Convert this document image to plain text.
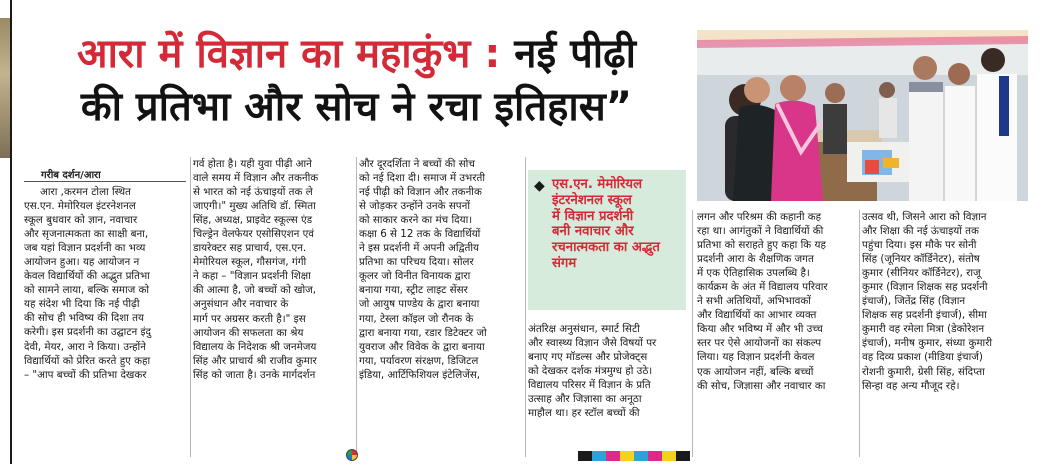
आरा में विज्ञान का महाकुंभ : नई पीढ़ी
की प्रतिभा और सोच ने रचा इतिहास”
गरीब दर्शन/आरा

आरा ,करमन टोला स्थित

एस.एन. मेमोरियल इंटरनेशनल

स्कूल बुधवार को ज्ञान, नवाचार

और सृजनात्मकता का साक्षी बना,

जब यहां विज्ञान प्रदर्शनी का भव्य

आयोजन हुआ। यह आयोजन न

केवल विद्यार्थियों की अद्भुत प्रतिभा

को सामने लाया, बल्कि समाज को

यह संदेश भी दिया कि नई पीढ़ी

की सोच ही भविष्य की दिशा तय

करेगी। इस प्रदर्शनी का उद्घाटन इंदु

देवी, मेयर, आरा ने किया। उन्होंने

विद्यार्थियों को प्रेरित करते हुए कहा

– "आप बच्चों की प्रतिभा देखकर

गर्व होता है। यही युवा पीढ़ी आने

वाले समय में विज्ञान और तकनीक

से भारत को नई ऊंचाइयों तक ले

जाएगी।" मुख्य अतिथि डॉ. स्मिता

सिंह, अध्यक्ष, प्राइवेट स्कूल्स एंड

चिल्ड्रेन वेलफेयर एसोसिएशन एवं

डायरेक्टर सह प्राचार्य, एस.एन.

मेमोरियल स्कूल, गौसगंज, गंगी

ने कहा – "विज्ञान प्रदर्शनी शिक्षा

की आत्मा है, जो बच्चों को खोज,

अनुसंधान और नवाचार के

मार्ग पर अग्रसर करती है।" इस

आयोजन की सफलता का श्रेय

विद्यालय के निदेशक श्री जनमेजय

सिंह और प्राचार्य श्री राजीव कुमार

सिंह को जाता है। उनके मार्गदर्शन

और दूरदर्शिता ने बच्चों की सोच

को नई दिशा दी। समाज में उभरती

नई पीढ़ी को विज्ञान और तकनीक

से जोड़कर उन्होंने उनके सपनों

को साकार करने का मंच दिया।

कक्षा 6 से 12 तक के विद्यार्थियों

ने इस प्रदर्शनी में अपनी अद्वितीय

प्रतिभा का परिचय दिया। सोलर

कूलर जो विनीत विनायक द्वारा

बनाया गया, स्ट्रीट लाइट सेंसर

जो आयुष पाण्डेय के द्वारा बनाया

गया, टेस्ला कॉइल जो रौनक के

द्वारा बनाया गया, रडार डिटेक्टर जो

युवराज और विवेक के द्वारा बनाया

गया, पर्यावरण संरक्षण, डिजिटल

इंडिया, आर्टिफिशियल इंटेलिजेंस,

◆ एस.एन. मेमोरियल

इंटरनेशनल स्कूल

में विज्ञान प्रदर्शनी

बनी नवाचार और

रचनात्मकता का अद्भुत

संगम

अंतरिक्ष अनुसंधान, स्मार्ट सिटी

और स्वास्थ्य विज्ञान जैसे विषयों पर

बनाए गए मॉडल्स और प्रोजेक्ट्स

को देखकर दर्शक मंत्रमुग्ध हो उठे।

विद्यालय परिसर में विज्ञान के प्रति

उत्साह और जिज्ञासा का अनूठा

माहौल था। हर स्टॉल बच्चों की

लगन और परिश्रम की कहानी कह

रहा था। आगंतुकों ने विद्यार्थियों की

प्रतिभा को सराहते हुए कहा कि यह

प्रदर्शनी आरा के शैक्षणिक जगत

में एक ऐतिहासिक उपलब्धि है।

कार्यक्रम के अंत में विद्यालय परिवार

ने सभी अतिथियों, अभिभावकों

और विद्यार्थियों का आभार व्यक्त

किया और भविष्य में और भी उच्च

स्तर पर ऐसे आयोजनों का संकल्प

लिया। यह विज्ञान प्रदर्शनी केवल

एक आयोजन नहीं, बल्कि बच्चों

की सोच, जिज्ञासा और नवाचार का

उत्सव थी, जिसने आरा को विज्ञान

और शिक्षा की नई ऊंचाइयों तक

पहुंचा दिया। इस मौके पर सोनी

सिंह (जूनियर कॉर्डिनेटर), संतोष

कुमार (सीनियर कॉर्डिनेटर), राजू

कुमार (विज्ञान शिक्षक सह प्रदर्शनी

इंचार्ज), जितेंद्र सिंह (विज्ञान

शिक्षक सह प्रदर्शनी इंचार्ज), सीमा

कुमारी वह रमेला मित्रा (डेकोरेशन

इंचार्ज), मनीष कुमार, संध्या कुमारी

वह दिव्य प्रकाश (मीडिया इंचार्ज)

रोशनी कुमारी, ग्रेसी सिंह, संदिप्ता

सिन्हा वह अन्य मौजूद रहे।
